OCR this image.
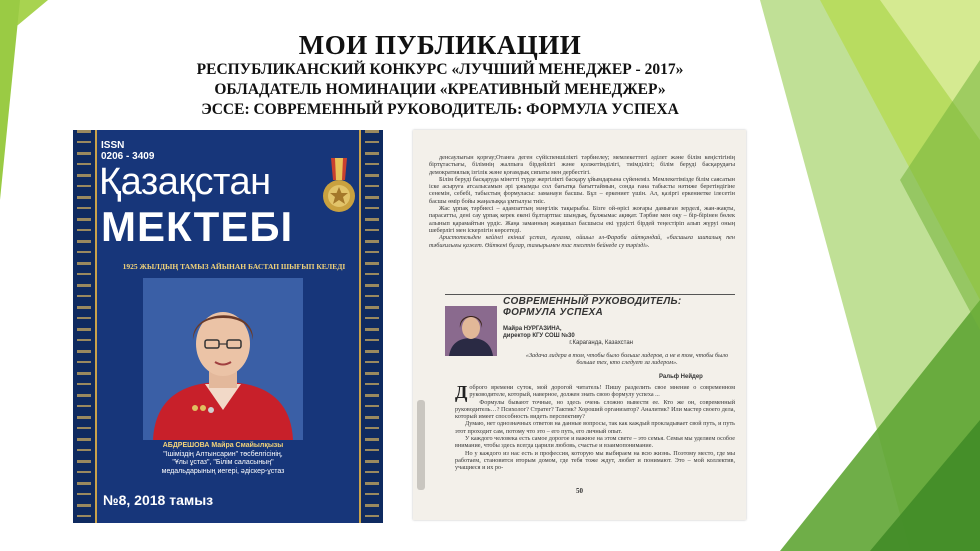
МОИ ПУБЛИКАЦИИ
РЕСПУБЛИКАНСКИЙ КОНКУРС «ЛУЧШИЙ МЕНЕДЖЕР - 2017»
ОБЛАДАТЕЛЬ НОМИНАЦИИ «КРЕАТИВНЫЙ МЕНЕДЖЕР»
ЭССЕ: СОВРЕМЕННЫЙ РУКОВОДИТЕЛЬ: ФОРМУЛА УСПЕХА
ISSN
0206 - 3409
Қазақстан
МЕКТЕБІ
1925 ЖЫЛДЫҢ ТАМЫЗ АЙЫНАН БАСТАП ШЫҒЫП КЕЛЕДІ
АБДРЕШОВА Майра Смайылқызы
"Ішіміздің Алтынсарин" төсбелгісінің,
"Ұлы ұстаз", "Білім саласының"
медальдарының иегері, әдіскер-ұстаз
№8, 2018 тамыз

денсаулығын қорғау;Отанға деген сүйіспеншілікті тәрбиелеу; мемлекеттегі әділет және білім кеңістігінің біртұтастығы, білімнің жалпыға бірдейлігі және қолжетімділігі, тиімділігі; білім беруді басқарудағы демократиялық ізгілік және қоғамдық сипаты мен дербестігі.

Білім беруді басқаруда мінетті түрде жергілікті басқару ұйымдарына сүйенеміз. Мемлекетімізде білім саясатын іске асыруға атсалысамын әрі ұжымды сол бағытқа бағыттаймын, сонда ғана табысты нәтиже беретіндігіне сенемін, себебі, табыстың формуласы: заманауи басшы. Бұл – еркениет үшін. Ал, қазіргі еркениетке ілесетін басшы өмір бойы жаңалыққа ұмтылуы тиіс.

Жас ұрпақ тәрбиесі – адамзаттың мәңгілік тақырыбы. Бізге ой-өрісі жоғары дамыған зерделі, жан-жақты, парасатты, дені сау ұрпақ керек екені бұлтартпас шындық, бұлжымас ақиқат. Тәрбие мен оқу – бір-бірінен бөлек алынып қарамайтын үрдіс. Жаңа заманның жаңашыл басшысы екі үрдісті бірдей теңестіріп алып жүруі оның шеберлігі мен іскерлігін көрсетеді.

Аристотельден кейінгі екінші ұстаз, ғұлама, ойшыл әл-Фараби айтқандай, «басшыға шипалық пен тәбиғилығы қажет. Өйткені бұлар, тамырымен тас тесетін бейнеде су тәрізді».

СОВРЕМЕННЫЙ РУКОВОДИТЕЛЬ:
ФОРМУЛА УСПЕХА
Майра НУРГАЗИНА,
директор КГУ СОШ №30
г.Караганда, Казахстан
«Задача лидера в том, чтобы было больше лидеров, а не в том, чтобы было больше тех, кто следует за лидером».
Ральф Нейдер

Доброго времени суток, мой дорогой читатель! Пишу разделить свое мнение о современном руководителе, который, наверное, должен знать свою формулу успеха ...

Формулы бывают точные, но здесь очень сложно вывести ее. Кто же он, современный руководитель…? Психолог? Стратег? Тактик? Хороший организатор? Аналитик? Или мастер своего дела, который имеет способность видеть перспективу?

Думаю, нет однозначных ответов на данные вопросы, так как каждый прокладывает свой путь, и путь этот проходит сам, потому что это – его путь, его личный опыт.

У каждого человека есть самое дорогое и важное на этом свете – это семья. Семья мы уделяем особое внимание, чтобы здесь всегда царили любовь, счастье и взаимопонимание.

Но у каждого из нас есть и профессия, которую мы выбираем на всю жизнь. Поэтому место, где мы работаем, становится вторым домом, где тебя тоже ждут, любят и понимают. Это – мой коллектив, учащиеся и их ро-

50
